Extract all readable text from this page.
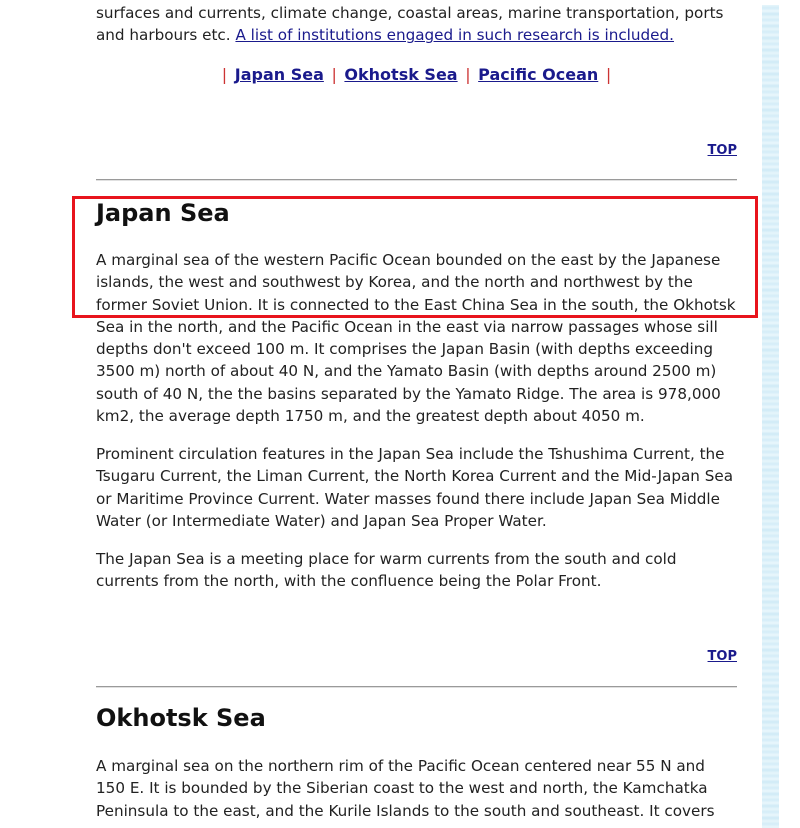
surfaces and currents, climate change, coastal areas, marine transportation, ports and harbours etc. A list of institutions engaged in such research is included.

| Japan Sea | Okhotsk Sea | Pacific Ocean |
TOP
Japan Sea

A marginal sea of the western Pacific Ocean bounded on the east by the Japanese islands, the west and southwest by Korea, and the north and northwest by the former Soviet Union. It is connected to the East China Sea in the south, the Okhotsk Sea in the north, and the Pacific Ocean in the east via narrow passages whose sill depths don't exceed 100 m. It comprises the Japan Basin (with depths exceeding 3500 m) north of about 40 N, and the Yamato Basin (with depths around 2500 m) south of 40 N, the the basins separated by the Yamato Ridge. The area is 978,000 km2, the average depth 1750 m, and the greatest depth about 4050 m.

Prominent circulation features in the Japan Sea include the Tshushima Current, the Tsugaru Current, the Liman Current, the North Korea Current and the Mid-Japan Sea or Maritime Province Current. Water masses found there include Japan Sea Middle Water (or Intermediate Water) and Japan Sea Proper Water.

The Japan Sea is a meeting place for warm currents from the south and cold currents from the north, with the confluence being the Polar Front.

TOP
Okhotsk Sea

A marginal sea on the northern rim of the Pacific Ocean centered near 55 N and 150 E. It is bounded by the Siberian coast to the west and north, the Kamchatka Peninsula to the east, and the Kurile Islands to the south and southeast. It covers
